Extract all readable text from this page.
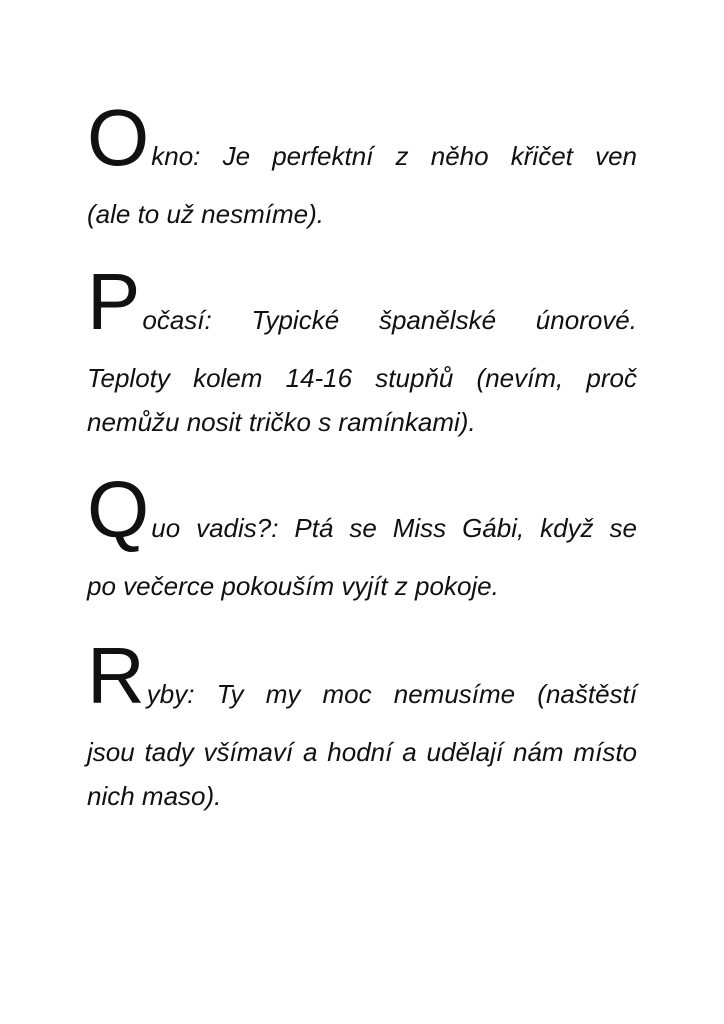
Okno: Je perfektní z něho křičet ven
(ale to už nesmíme).
Počasí: Typické španělské únorové.
Teploty kolem 14-16 stupňů (nevím, proč nemůžu nosit tričko s ramínkami).
Quo vadis?: Ptá se Miss Gábi, když se
po večerce pokouším vyjít z pokoje.
Ryby: Ty my moc nemusíme (naštěstí
jsou tady všímaví a hodní a udělají nám místo nich maso).
